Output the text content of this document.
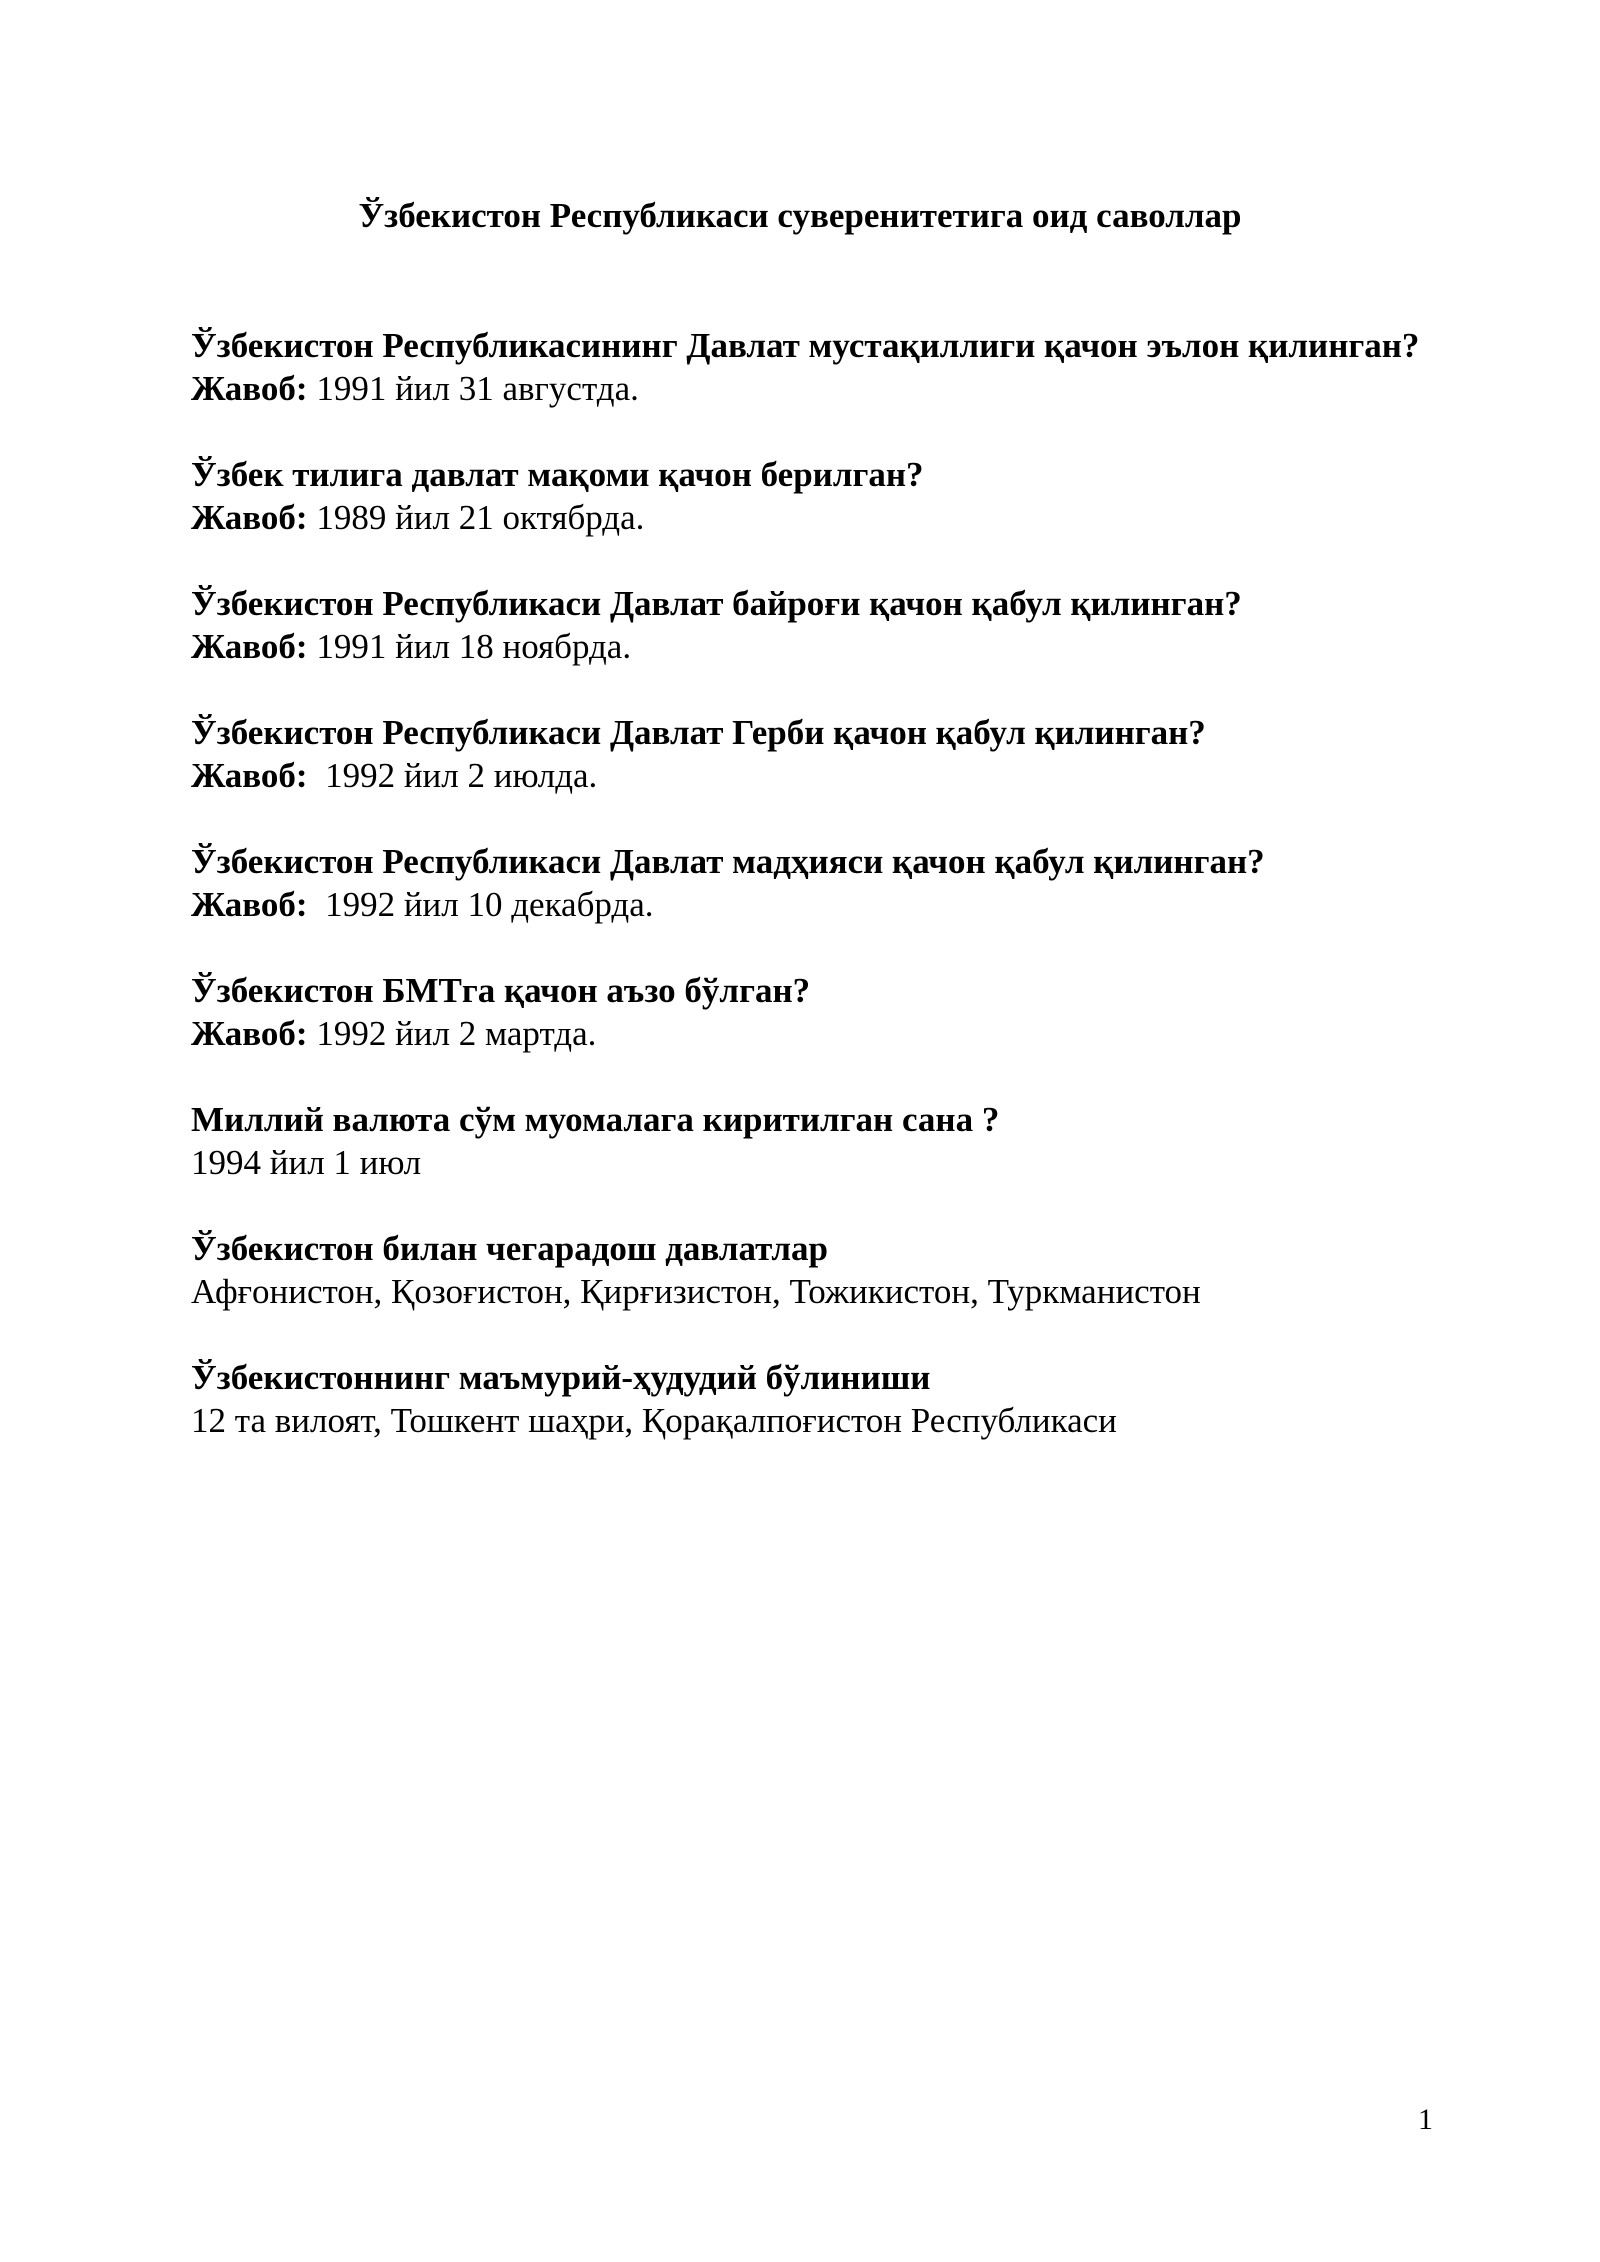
Ўзбекистон Республикаси суверенитетига оид саволлар

Ўзбекистон Республикасининг Давлат мустақиллиги қачон эълон қилинган?

Жавоб: 1991 йил 31 августда.

Ўзбек тилига давлат мақоми қачон берилган?

Жавоб: 1989 йил 21 октябрда.

Ўзбекистон Республикаси Давлат байроғи қачон қабул қилинган?

Жавоб: 1991 йил 18 ноябрда.

Ўзбекистон Республикаси Давлат Герби қачон қабул қилинган?

Жавоб:  1992 йил 2 июлда.

Ўзбекистон Республикаси Давлат мадҳияси қачон қабул қилинган?

Жавоб:  1992 йил 10 декабрда.

Ўзбекистон БМТга қачон аъзо бўлган?

Жавоб: 1992 йил 2 мартда.

Миллий валюта сўм муомалага киритилган сана ?

1994 йил 1 июл

Ўзбекистон билан чегарадош давлатлар

Афғонистон, Қозоғистон, Қирғизистон, Тожикистон, Туркманистон

Ўзбекистоннинг маъмурий-ҳудудий бўлиниши

12 та вилоят, Тошкент шаҳри, Қорақалпоғистон Республикаси

1
